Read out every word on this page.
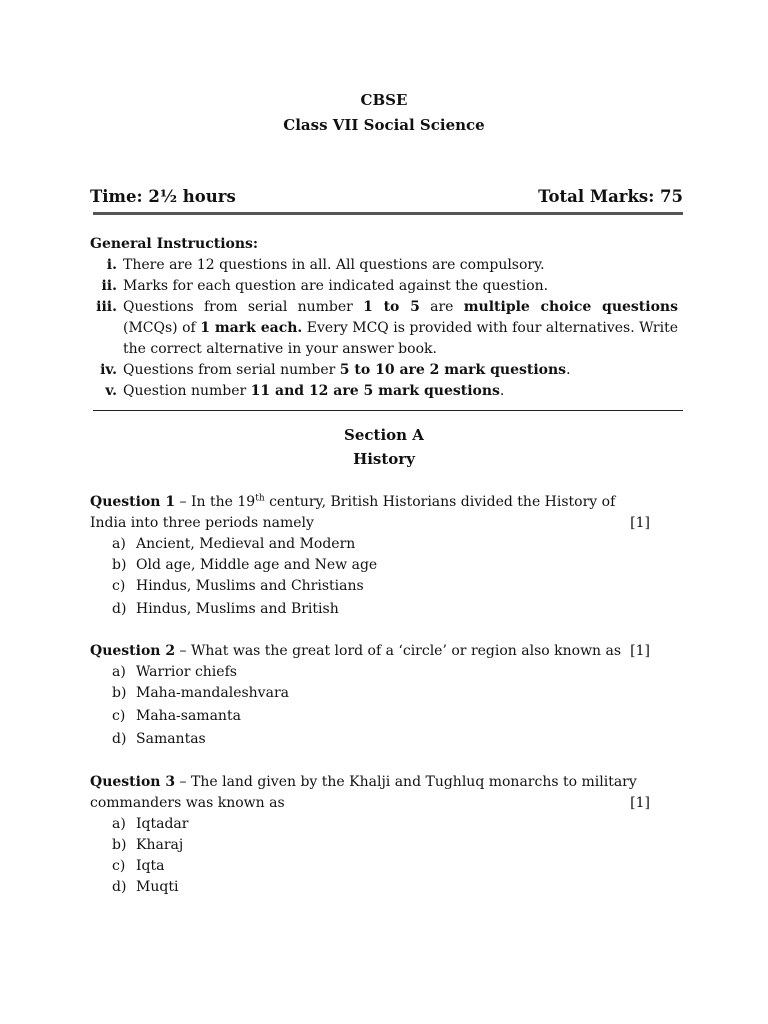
CBSE
Class VII Social Science
Time: 2½ hours	Total Marks: 75
General Instructions:
i. There are 12 questions in all. All questions are compulsory.
ii. Marks for each question are indicated against the question.
iii. Questions from serial number 1 to 5 are multiple choice questions (MCQs) of 1 mark each. Every MCQ is provided with four alternatives. Write the correct alternative in your answer book.
iv. Questions from serial number 5 to 10 are 2 mark questions.
v. Question number 11 and 12 are 5 mark questions.
Section A
History
Question 1 – In the 19th century, British Historians divided the History of India into three periods namely	[1]
a) Ancient, Medieval and Modern
b) Old age, Middle age and New age
c) Hindus, Muslims and Christians
d) Hindus, Muslims and British
Question 2 – What was the great lord of a ‘circle’ or region also known as [1]
a) Warrior chiefs
b) Maha-mandaleshvara
c) Maha-samanta
d) Samantas
Question 3 – The land given by the Khalji and Tughluq monarchs to military commanders was known as	[1]
a) Iqtadar
b) Kharaj
c) Iqta
d) Muqti
